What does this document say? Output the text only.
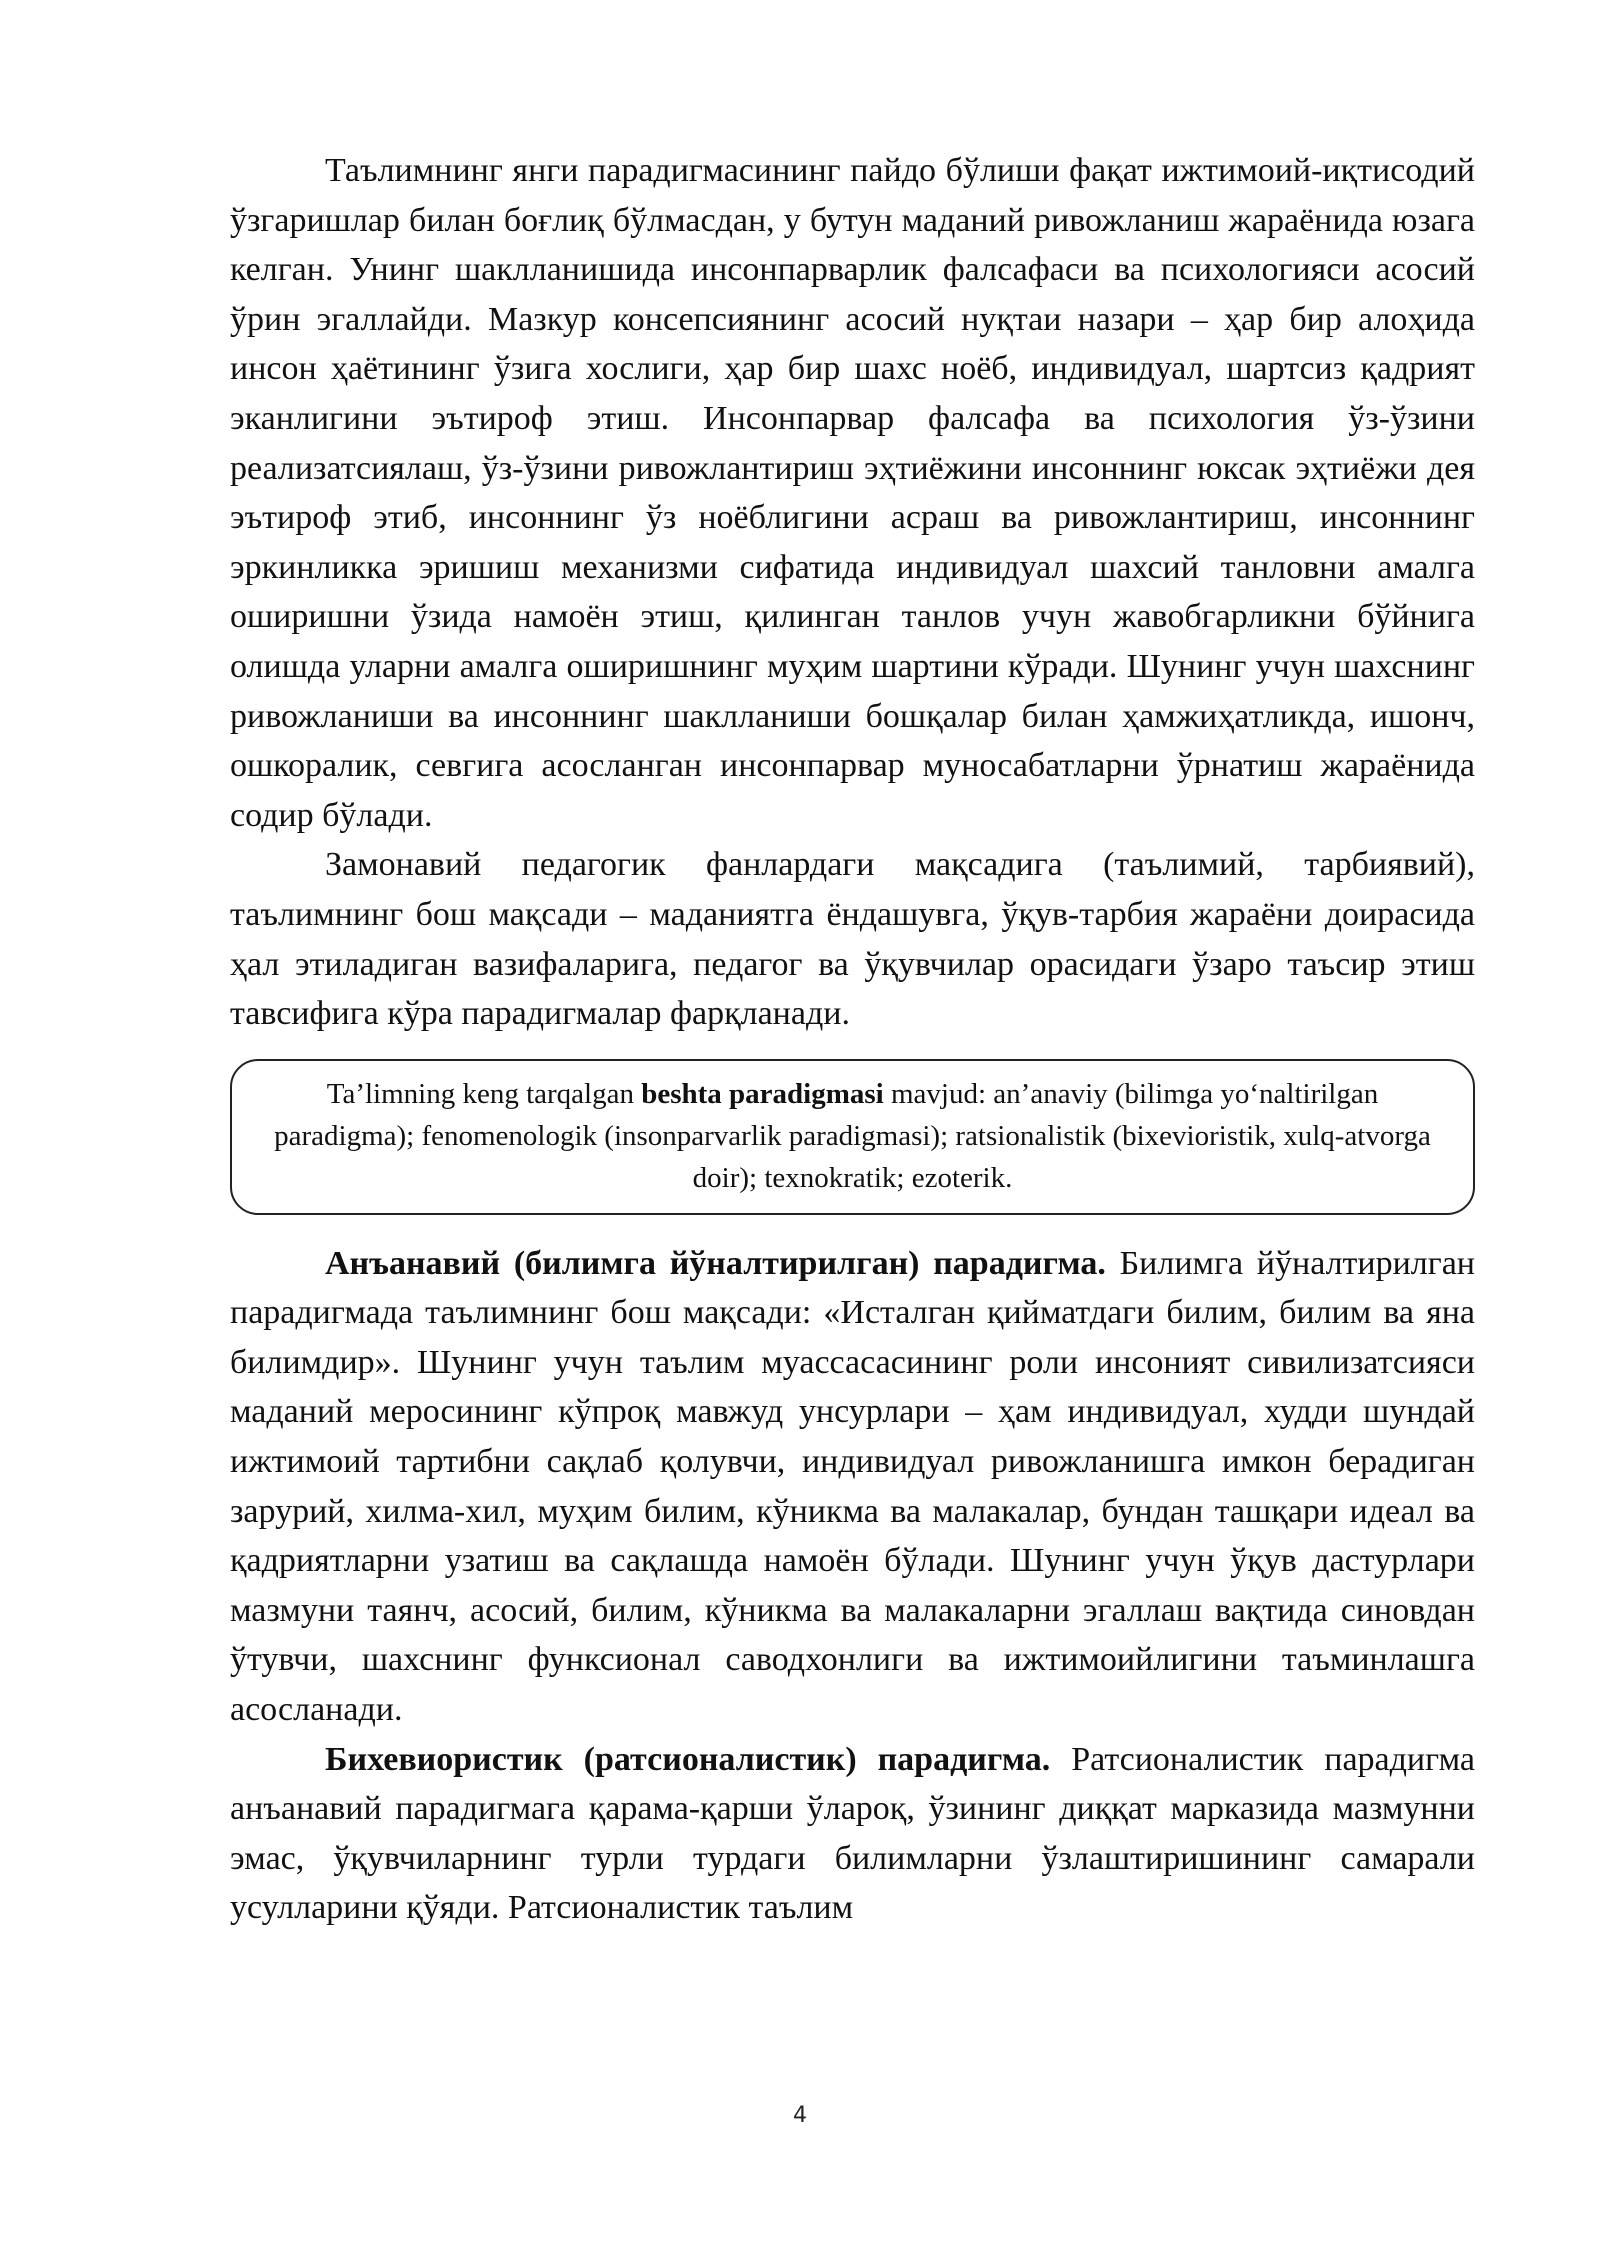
Таълимнинг янги парадигмасининг пайдо бўлиши фақат ижтимоий-иқтисодий ўзгаришлар билан боғлиқ бўлмасдан, у бутун маданий ривожланиш жараёнида юзага келган. Унинг шаклланишида инсонпарварлик фалсафаси ва психологияси асосий ўрин эгаллайди. Мазкур консепсиянинг асосий нуқтаи назари – ҳар бир алоҳида инсон ҳаётининг ўзига хослиги, ҳар бир шахс ноёб, индивидуал, шартсиз қадрият эканлигини эътироф этиш. Инсонпарвар фалсафа ва психология ўз-ўзини реализатсиялаш, ўз-ўзини ривожлантириш эҳтиёжини инсоннинг юксак эҳтиёжи дея эътироф этиб, инсоннинг ўз ноёблигини асраш ва ривожлантириш, инсоннинг эркинликка эришиш механизми сифатида индивидуал шахсий танловни амалга оширишни ўзида намоён этиш, қилинган танлов учун жавобгарликни бўйнига олишда уларни амалга оширишнинг муҳим шартини кўради. Шунинг учун шахснинг ривожланиши ва инсоннинг шаклланиши бошқалар билан ҳамжиҳатликда, ишонч, ошкоралик, севгига асосланган инсонпарвар муносабатларни ўрнатиш жараёнида содир бўлади.

Замонавий педагогик фанлардаги мақсадига (таълимий, тарбиявий), таълимнинг бош мақсади – маданиятга ёндашувга, ўқув-тарбия жараёни доирасида ҳал этиладиган вазифаларига, педагог ва ўқувчилар орасидаги ўзаро таъсир этиш тавсифига кўра парадигмалар фарқланади.

Ta’limning keng tarqalgan beshta paradigmasi mavjud: an’anaviy (bilimga yo‘naltirilgan paradigma); fenomenologik (insonparvarlik paradigmasi); ratsionalistik (bixevioristik, xulq-atvorga doir); texnokratik; ezoterik.

Анъанавий (билимга йўналтирилган) парадигма. Билимга йўналтирилган парадигмада таълимнинг бош мақсади: «Исталган қийматдаги билим, билим ва яна билимдир». Шунинг учун таълим муассасасининг роли инсоният сивилизатсияси маданий меросининг кўпроқ мавжуд унсурлари – ҳам индивидуал, худди шундай ижтимоий тартибни сақлаб қолувчи, индивидуал ривожланишга имкон берадиган зарурий, хилма-хил, муҳим билим, кўникма ва малакалар, бундан ташқари идеал ва қадриятларни узатиш ва сақлашда намоён бўлади. Шунинг учун ўқув дастурлари мазмуни таянч, асосий, билим, кўникма ва малакаларни эгаллаш вақтида синовдан ўтувчи, шахснинг функсионал саводхонлиги ва ижтимоийлигини таъминлашга асосланади.

Бихевиористик (ратсионалистик) парадигма. Ратсионалистик парадигма анъанавий парадигмага қарама-қарши ўлароқ, ўзининг диққат марказида мазмунни эмас, ўқувчиларнинг турли турдаги билимларни ўзлаштиришининг самарали усулларини қўяди. Ратсионалистик таълим

4
